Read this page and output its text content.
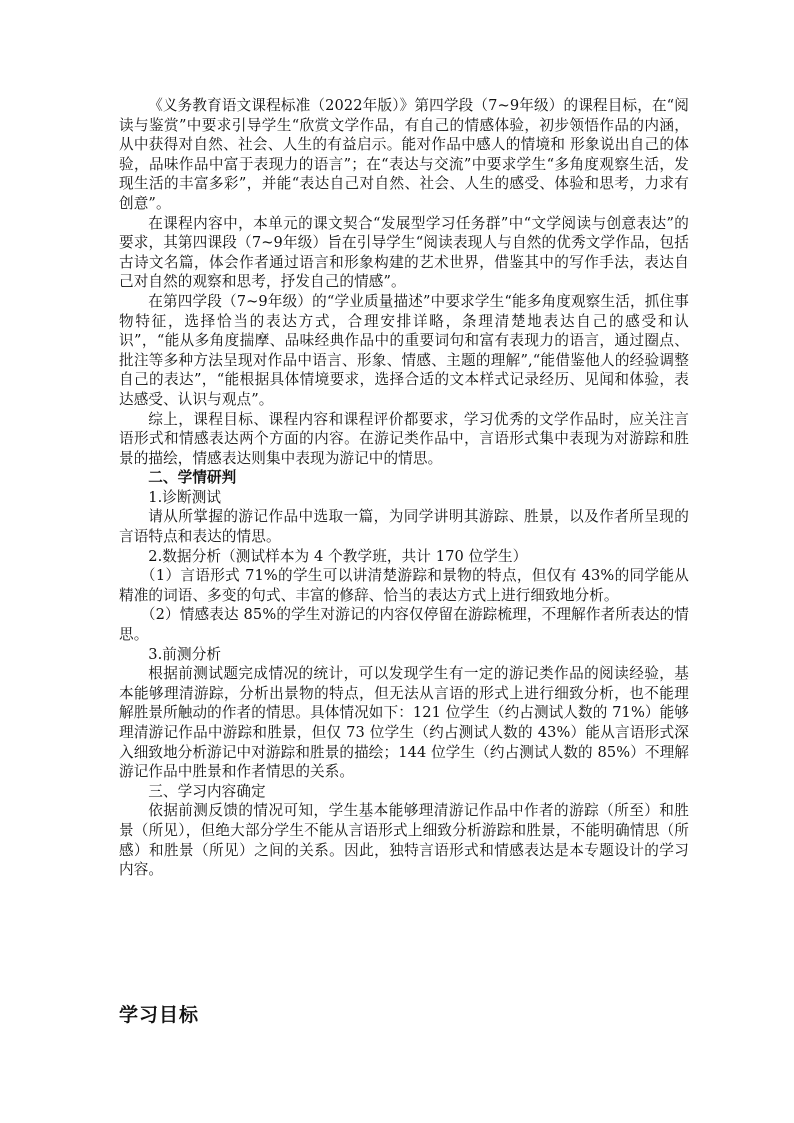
《义务教育语文课程标准（2022年版）》第四学段（7~9年级）的课程目标，在“阅读与鉴赏”中要求引导学生“欣赏文学作品，有自己的情感体验，初步领悟作品的内涵， 从中获得对自然、社会、人生的有益启示。能对作品中感人的情境和 形象说出自己的体验，品味作品中富于表现力的语言”；在“表达与交流”中要求学生“多角度观察生活，发现生活的丰富多彩”，并能“表达自己对自然、社会、人生的感受、体验和思考，力求有创意”。

在课程内容中，本单元的课文契合“发展型学习任务群”中“文学阅读与创意表达”的要求，其第四课段（7~9年级）旨在引导学生“阅读表现人与自然的优秀文学作品，包括古诗文名篇，体会作者通过语言和形象构建的艺术世界，借鉴其中的写作手法，表达自己对自然的观察和思考，抒发自己的情感”。

在第四学段（7~9年级）的“学业质量描述”中要求学生“能多角度观察生活，抓住事物特征，选择恰当的表达方式，合理安排详略，条理清楚地表达自己的感受和认识”，“能从多角度揣摩、品味经典作品中的重要词句和富有表现力的语言，通过圈点、批注等多种方法呈现对作品中语言、形象、情感、主题的理解”,“能借鉴他人的经验调整自己的表达”，“能根据具体情境要求，选择合适的文本样式记录经历、见闻和体验，表达感受、认识与观点”。

综上，课程目标、课程内容和课程评价都要求，学习优秀的文学作品时，应关注言语形式和情感表达两个方面的内容。在游记类作品中，言语形式集中表现为对游踪和胜景的描绘，情感表达则集中表现为游记中的情思。

二、学情研判

1.诊断测试

请从所掌握的游记作品中选取一篇，为同学讲明其游踪、胜景，以及作者所呈现的言语特点和表达的情思。

2.数据分析（测试样本为 4 个教学班，共计 170 位学生）

（1）言语形式 71%的学生可以讲清楚游踪和景物的特点，但仅有 43%的同学能从精准的词语、多变的句式、丰富的修辞、恰当的表达方式上进行细致地分析。

（2）情感表达 85%的学生对游记的内容仅停留在游踪梳理，不理解作者所表达的情思。

3.前测分析

根据前测试题完成情况的统计，可以发现学生有一定的游记类作品的阅读经验，基本能够理清游踪，分析出景物的特点，但无法从言语的形式上进行细致分析，也不能理解胜景所触动的作者的情思。具体情况如下：121 位学生（约占测试人数的 71%）能够理清游记作品中游踪和胜景，但仅 73 位学生（约占测试人数的 43%）能从言语形式深入细致地分析游记中对游踪和胜景的描绘；144 位学生（约占测试人数的 85%）不理解游记作品中胜景和作者情思的关系。

三、学习内容确定

依据前测反馈的情况可知，学生基本能够理清游记作品中作者的游踪（所至）和胜景（所见），但绝大部分学生不能从言语形式上细致分析游踪和胜景，不能明确情思（所感）和胜景（所见）之间的关系。因此，独特言语形式和情感表达是本专题设计的学习内容。

学习目标
